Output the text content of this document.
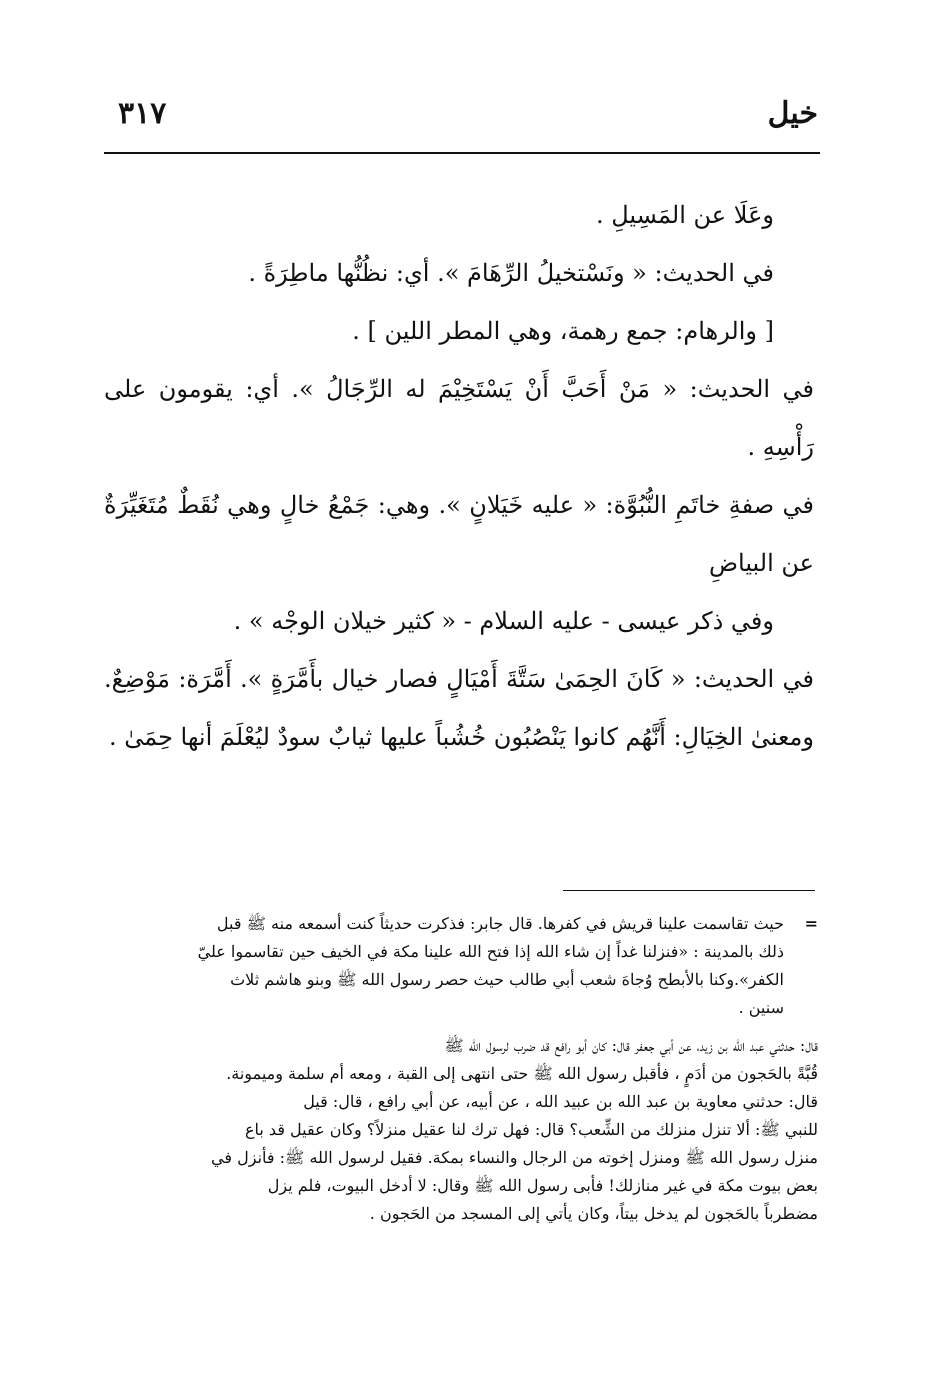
خيل
٣١٧

وعَلَا عن المَسِيلِ .

في الحديث: « ونَسْتخيلُ الرِّهَامَ ». أي: نظُنُّها ماطِرَةً .

[ والرهام: جمع رهمة، وهي المطر اللين ] .

في الحديث: « مَنْ أَحَبَّ أَنْ يَسْتَخِيْمَ له الرِّجَالُ ». أي: يقومون على رَأْسِهِ .

في صفةِ خاتَمِ النُّبُوَّة: « عليه خَيَلانٍ ». وهي: جَمْعُ خالٍ وهي نُقَطٌ مُتَغَيِّرَةٌ عن البياضِ

وفي ذكر عيسى - عليه السلام - « كثير خيلان الوجْه » .

في الحديث: « كَانَ الحِمَىٰ سَتَّةَ أَمْيَالٍ فصار خيال بأَمَّرَةٍ ». أَمَّرَة: مَوْضِعٌ. ومعنىٰ الخِيَالِ: أَنَّهُم كانوا يَنْصُبُون خُشُباً عليها ثيابٌ سودٌ ليُعْلَمَ أنها حِمَىٰ .

=
حيث تقاسمت علينا قريش في كفرها. قال جابر: فذكرت حديثاً كنت أسمعه منه ﷺ قبل
ذلك بالمدينة : «فنزلنا غداً إن شاء الله إذا فتح الله علينا مكة في الخيف حين تقاسموا عليّ
الكفر».وكنا بالأبطح وُجاهَ شعب أبي طالب حيث حصر رسول الله ﷺ وبنو هاشم ثلاث
سنين .
قال: حدثني عبد الله بن زيد، عن أبي جعفر قال: كان أبو رافع قد ضرب لرسول الله ﷺ
قُبَّةً بالحَجون من أدَمٍ ، فأقبل رسول الله ﷺ حتى انتهى إلى القبة ، ومعه أم سلمة وميمونة.
قال: حدثني معاوية بن عبد الله بن عبيد الله ، عن أبيه، عن أبي رافع ، قال: قيل
للنبي ﷺ: ألا تنزل منزلك من الشِّعب؟ قال: فهل ترك لنا عقيل منزلاً؟ وكان عقيل قد باع
منزل رسول الله ﷺ ومنزل إخوته من الرجال والنساء بمكة. فقيل لرسول الله ﷺ: فأنزل في
بعض بيوت مكة في غير منازلك! فأبى رسول الله ﷺ وقال: لا أدخل البيوت، فلم يزل
مضطرباً بالحَجون لم يدخل بيتاً، وكان يأتي إلى المسجد من الحَجون .
